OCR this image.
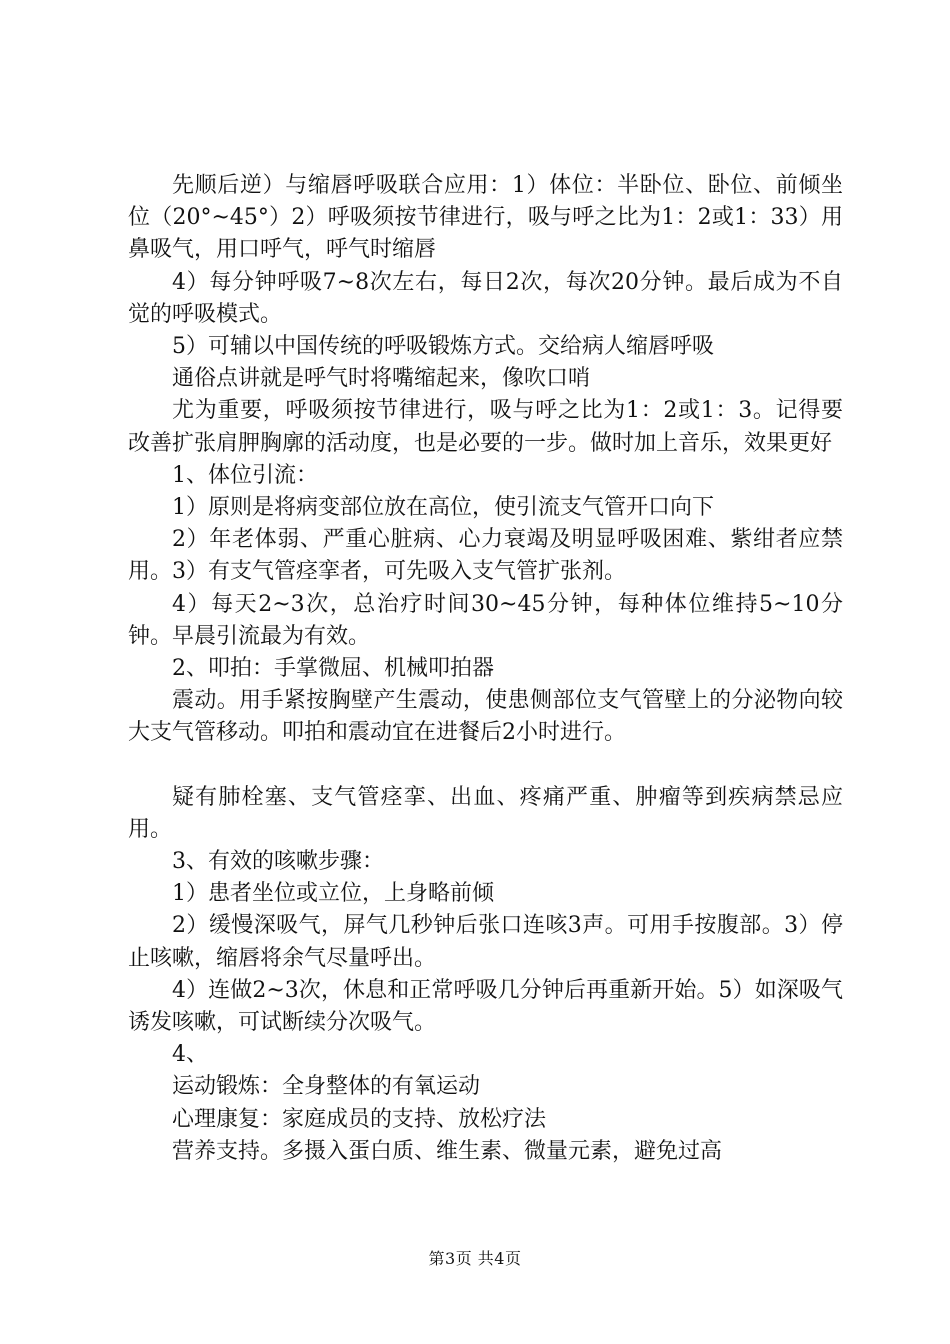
先顺后逆）与缩唇呼吸联合应用：1）体位：半卧位、卧位、前倾坐位（20°~45°）2）呼吸须按节律进行，吸与呼之比为1：2或1：33）用鼻吸气，用口呼气，呼气时缩唇

4）每分钟呼吸7~8次左右，每日2次，每次20分钟。最后成为不自觉的呼吸模式。

5）可辅以中国传统的呼吸锻炼方式。交给病人缩唇呼吸

通俗点讲就是呼气时将嘴缩起来，像吹口哨

尤为重要，呼吸须按节律进行，吸与呼之比为1：2或1：3。记得要改善扩张肩胛胸廓的活动度，也是必要的一步。做时加上音乐，效果更好

1、体位引流：

1）原则是将病变部位放在高位，使引流支气管开口向下

2）年老体弱、严重心脏病、心力衰竭及明显呼吸困难、紫绀者应禁用。3）有支气管痉挛者，可先吸入支气管扩张剂。

4）每天2~3次，总治疗时间30~45分钟，每种体位维持5~10分钟。早晨引流最为有效。

2、叩拍：手掌微屈、机械叩拍器

震动。用手紧按胸壁产生震动，使患侧部位支气管壁上的分泌物向较大支气管移动。叩拍和震动宜在进餐后2小时进行。

疑有肺栓塞、支气管痉挛、出血、疼痛严重、肿瘤等到疾病禁忌应用。

3、有效的咳嗽步骤：

1）患者坐位或立位，上身略前倾

2）缓慢深吸气，屏气几秒钟后张口连咳3声。可用手按腹部。3）停止咳嗽，缩唇将余气尽量呼出。

4）连做2~3次，休息和正常呼吸几分钟后再重新开始。5）如深吸气诱发咳嗽，可试断续分次吸气。

4、

运动锻炼：全身整体的有氧运动

心理康复：家庭成员的支持、放松疗法

营养支持。多摄入蛋白质、维生素、微量元素，避免过高

第3页 共4页
